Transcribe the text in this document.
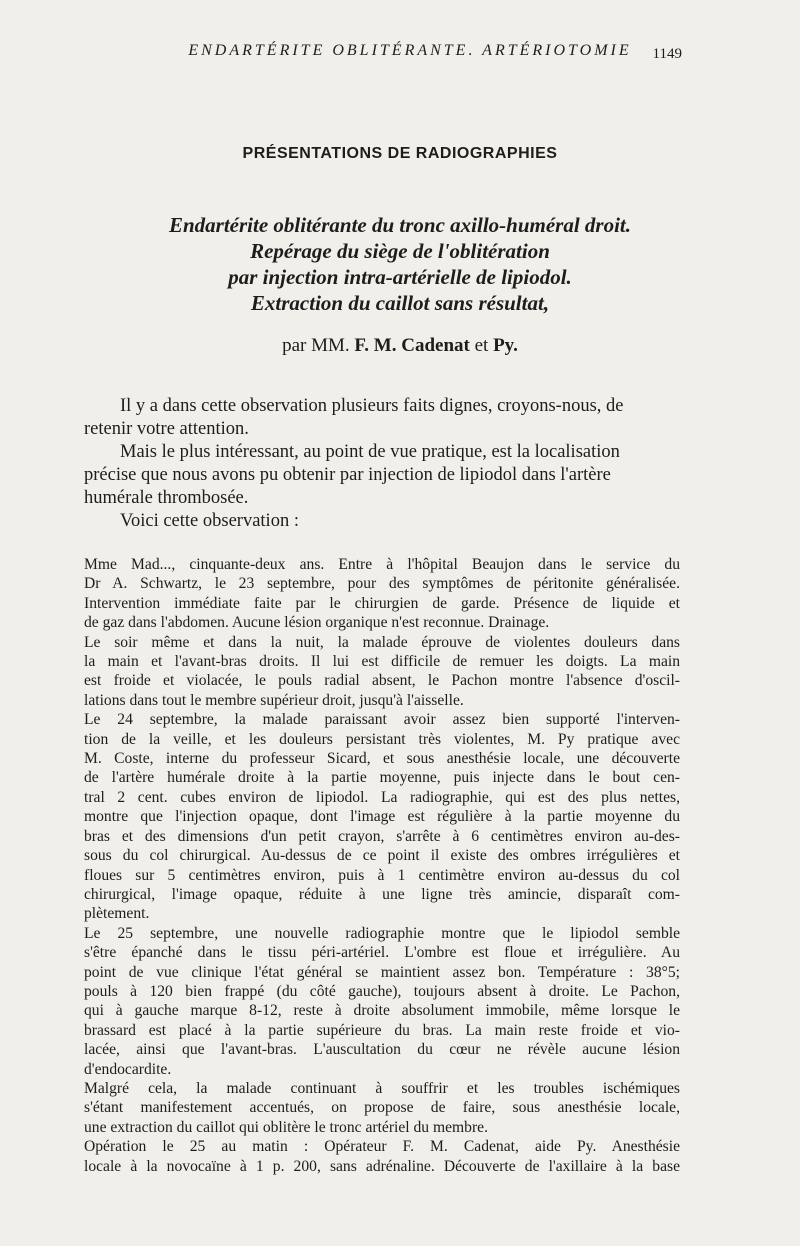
ENDARTÉRITE OBLITÉRANTE. ARTÉRIOTOMIE	1149
PRÉSENTATIONS DE RADIOGRAPHIES
Endartérite oblitérante du tronc axillo-huméral droit.
Repérage du siège de l'oblitération
par injection intra-artérielle de lipiodol.
Extraction du caillot sans résultat,
par MM. F. M. Cadenat et Py.
Il y a dans cette observation plusieurs faits dignes, croyons-nous, de
retenir votre attention.
Mais le plus intéressant, au point de vue pratique, est la localisation
précise que nous avons pu obtenir par injection de lipiodol dans l'artère
humérale thrombosée.
Voici cette observation :
Mme Mad..., cinquante-deux ans. Entre à l'hôpital Beaujon dans le service du
Dr A. Schwartz, le 23 septembre, pour des symptômes de péritonite généralisée.
Intervention immédiate faite par le chirurgien de garde. Présence de liquide et
de gaz dans l'abdomen. Aucune lésion organique n'est reconnue. Drainage.
Le soir même et dans la nuit, la malade éprouve de violentes douleurs dans
la main et l'avant-bras droits. Il lui est difficile de remuer les doigts. La main
est froide et violacée, le pouls radial absent, le Pachon montre l'absence d'oscil-
lations dans tout le membre supérieur droit, jusqu'à l'aisselle.
Le 24 septembre, la malade paraissant avoir assez bien supporté l'interven-
tion de la veille, et les douleurs persistant très violentes, M. Py pratique avec
M. Coste, interne du professeur Sicard, et sous anesthésie locale, une découverte
de l'artère humérale droite à la partie moyenne, puis injecte dans le bout cen-
tral 2 cent. cubes environ de lipiodol. La radiographie, qui est des plus nettes,
montre que l'injection opaque, dont l'image est régulière à la partie moyenne du
bras et des dimensions d'un petit crayon, s'arrête à 6 centimètres environ au-des-
sous du col chirurgical. Au-dessus de ce point il existe des ombres irrégulières et
floues sur 5 centimètres environ, puis à 1 centimètre environ au-dessus du col
chirurgical, l'image opaque, réduite à une ligne très amincie, disparaît com-
plètement.
Le 25 septembre, une nouvelle radiographie montre que le lipiodol semble
s'être épanché dans le tissu péri-artériel. L'ombre est floue et irrégulière. Au
point de vue clinique l'état général se maintient assez bon. Température : 38°5;
pouls à 120 bien frappé (du côté gauche), toujours absent à droite. Le Pachon,
qui à gauche marque 8-12, reste à droite absolument immobile, même lorsque le
brassard est placé à la partie supérieure du bras. La main reste froide et vio-
lacée, ainsi que l'avant-bras. L'auscultation du cœur ne révèle aucune lésion
d'endocardite.
Malgré cela, la malade continuant à souffrir et les troubles ischémiques
s'étant manifestement accentués, on propose de faire, sous anesthésie locale,
une extraction du caillot qui oblitère le tronc artériel du membre.
Opération le 25 au matin : Opérateur F. M. Cadenat, aide Py. Anesthésie
locale à la novocaïne à 1 p. 200, sans adrénaline. Découverte de l'axillaire à la base
